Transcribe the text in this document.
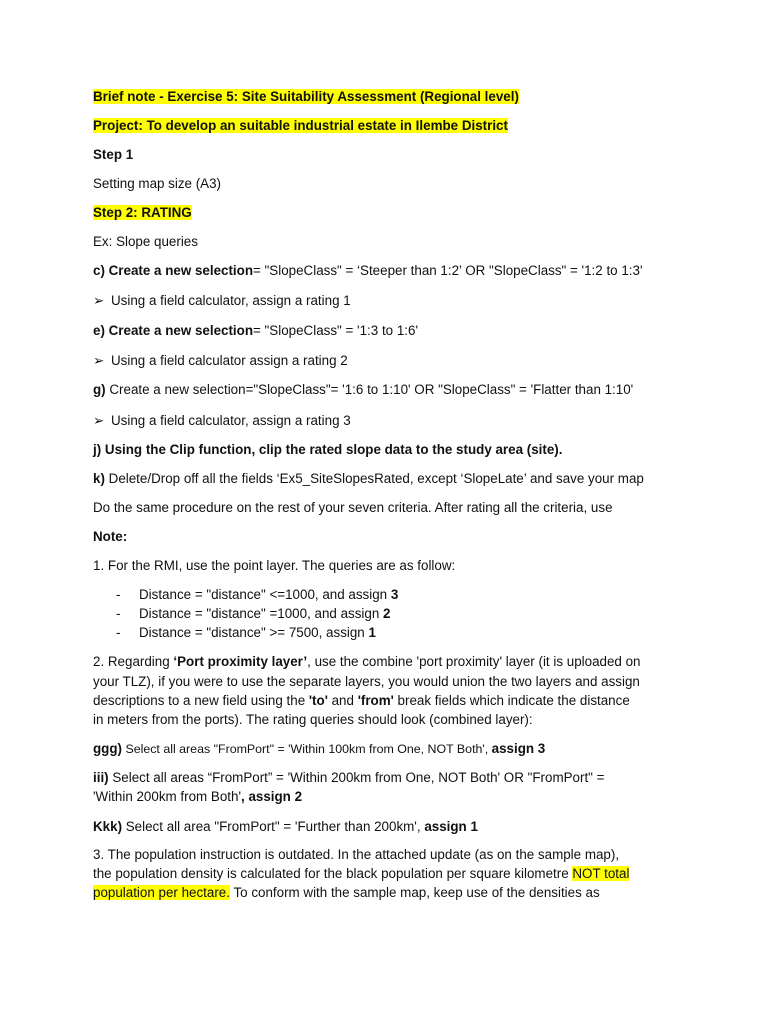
Brief note - Exercise 5: Site Suitability Assessment (Regional level)
Project: To develop an suitable industrial estate in Ilembe District
Step 1
Setting map size (A3)
Step 2: RATING
Ex: Slope queries
c) Create a new selection= "SlopeClass" = ‘Steeper than 1:2’ OR "SlopeClass" = '1:2 to 1:3'
➢ Using a field calculator, assign a rating 1
e) Create a new selection= "SlopeClass" = '1:3 to 1:6'
➢ Using a field calculator assign a rating 2
g) Create a new selection="SlopeClass"= '1:6 to 1:10' OR "SlopeClass" = 'Flatter than 1:10'
➢ Using a field calculator, assign a rating 3
j) Using the Clip function, clip the rated slope data to the study area (site).
k) Delete/Drop off all the fields ‘Ex5_SiteSlopesRated, except ‘SlopeLate’ and save your map
Do the same procedure on the rest of your seven criteria. After rating all the criteria, use
Note:
1. For the RMI, use the point layer. The queries are as follow:
- Distance = "distance" <=1000, and assign 3
- Distance = "distance" =1000, and assign 2
- Distance = "distance" >= 7500, assign 1
2. Regarding ‘Port proximity layer’, use the combine 'port proximity' layer (it is uploaded on
your TLZ), if you were to use the separate layers, you would union the two layers and assign
descriptions to a new field using the 'to' and 'from' break fields which indicate the distance
in meters from the ports). The rating queries should look (combined layer):
ggg) Select all areas "FromPort" = 'Within 100km from One, NOT Both', assign 3
iii) Select all areas “FromPort” = 'Within 200km from One, NOT Both' OR "FromPort" =
'Within 200km from Both', assign 2
Kkk) Select all area "FromPort" = 'Further than 200km', assign 1
3. The population instruction is outdated. In the attached update (as on the sample map),
the population density is calculated for the black population per square kilometre NOT total
population per hectare. To conform with the sample map, keep use of the densities as
